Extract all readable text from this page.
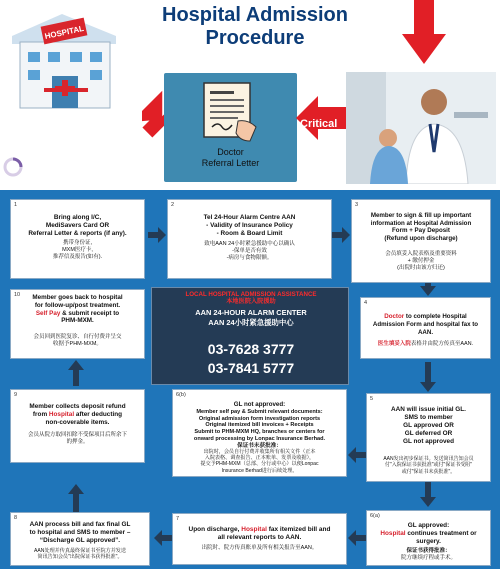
Hospital Admission
Procedure
HOSPITAL
Doctor
Referral Letter
Critical
1
Bring along I/C,
MediSavers Card OR
Referral Letter & reports (if any).
携带身份证,
MXM医疗卡,
推荐信及报告(如有).
2
Tel 24-Hour Alarm Centre AAN
- Validity of Insurance Policy
- Room & Board Limit
致电AAN 24小时紧急援助中心以确认
-保单是否有效
-病房与食物限额。
3
Member to sign & fill up important
information at Hospital Admission
Form + Pay Deposit
(Refund upon discharge)
会员填妥入院表格及重要资料
+ 缴付押金
(出院时由该方归还)
10	Member goes back to hospital
for follow-up/post treatment.
Self Pay & submit receipt to
PHM-MXM.
会员回到医院复诊、自行付费并呈交
收据予PHM-MXM。
LOCAL HOSPITAL ADMISSION ASSISTANCE
本地医院入院援助
AAN 24-HOUR ALARM CENTER
AAN 24小时紧急援助中心
03-7628 3777
03-7841 5777
4
Doctor to complete Hospital
Admission Form and hospital fax to
AAN.
医生填妥入院表格并由院方传真至AAN.
9
Member collects deposit refund
from Hospital after deducting
non-coverable items.
会员从院方取回扣除不受保项目后所余下
的押金。
6(b)
GL not approved:
Member self pay & Submit relevant documents:
Original admission form investigation reports
Original itemized bill invoices + Receipts
Submit to PHM-MXM HQ, branches or centers for
onward processing by Lonpac Insurance Berhad.
保证书未获批准：
出院时，会员自行付费并收集所有相关文件（正本
入院表格、调查报告、正本账单、发票及收据），
提交予PHM-MXM（总部、分行或中心）以便Lonpac
Insurance Berhad进行后续处理。
5
AAN will issue initial GL.
SMS to member
GL approved OR
GL deferred OR
GL not approved
AAN发出初步保证书。发送简讯告知会员
付"入院保证书获批准"或付"保证书受阻"
或付"保证书未获批准"。
8
AAN process bill and fax final GL
to hospital and SMS to member –
“Discharge GL approved”.
AAN处理并传真最终保证书至院方并发送
简讯告知会员"出院保证书获得批准"。
7
Upon discharge, Hospital fax itemized bill and
all relevant reports to AAN.
出院时、院方传真账单及所有相关报告至AAN。
6(a)
GL approved:
Hospital continues treatment or
surgery.
保证书获得批准：
院方继续疗程或手术。
